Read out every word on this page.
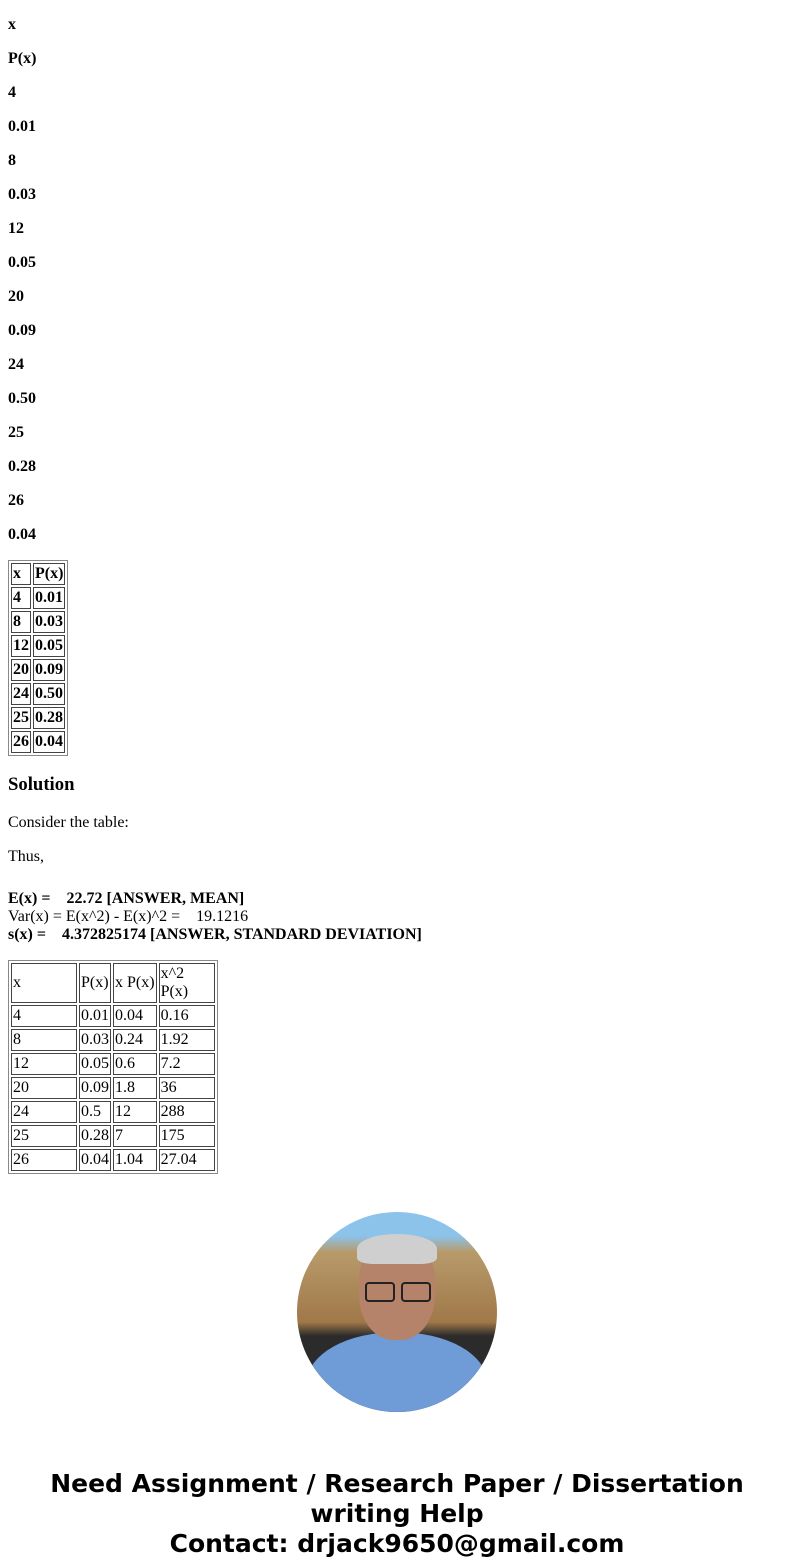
x

P(x)

4

0.01

8

0.03

12

0.05

20

0.09

24

0.50

25

0.28

26

0.04

x	P(x)
4	0.01
8	0.03
12	0.05
20	0.09
24	0.50
25	0.28
26	0.04
Solution

Consider the table:

Thus,

E(x) =    22.72 [ANSWER, MEAN]
Var(x) = E(x^2) - E(x)^2 =    19.1216
s(x) =    4.372825174 [ANSWER, STANDARD DEVIATION]
x	P(x)	x P(x)	x^2 P(x)
4	0.01	0.04	0.16
8	0.03	0.24	1.92
12	0.05	0.6	7.2
20	0.09	1.8	36
24	0.5	12	288
25	0.28	7	175
26	0.04	1.04	27.04
Need Assignment / Research Paper / Dissertation writing Help
Contact: drjack9650@gmail.com
